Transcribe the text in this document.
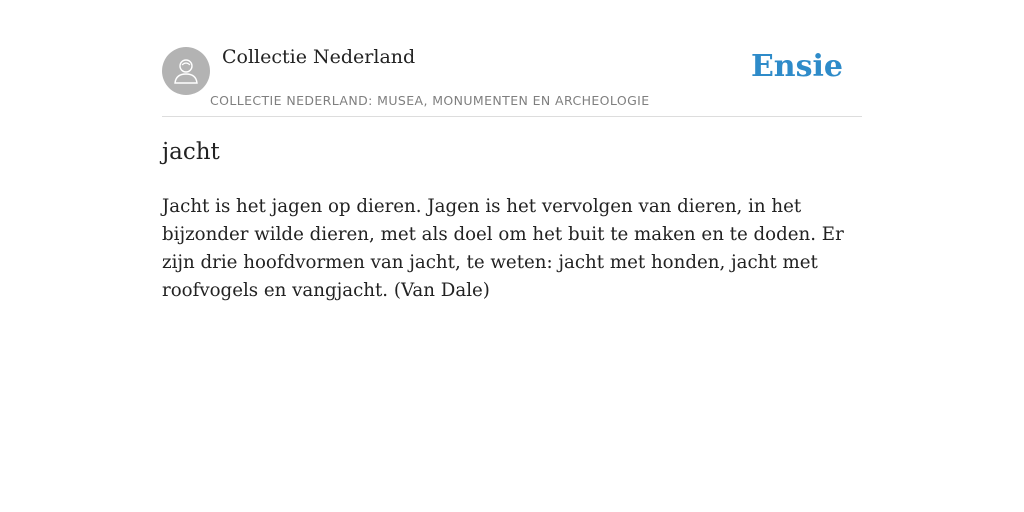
Collectie Nederland
COLLECTIE NEDERLAND: MUSEA, MONUMENTEN EN ARCHEOLOGIE
Ensie
jacht

Jacht is het jagen op dieren. Jagen is het vervolgen van dieren, in het bijzonder wilde dieren, met als doel om het buit te maken en te doden. Er zijn drie hoofdvormen van jacht, te weten: jacht met honden, jacht met roofvogels en vangjacht. (Van Dale)
